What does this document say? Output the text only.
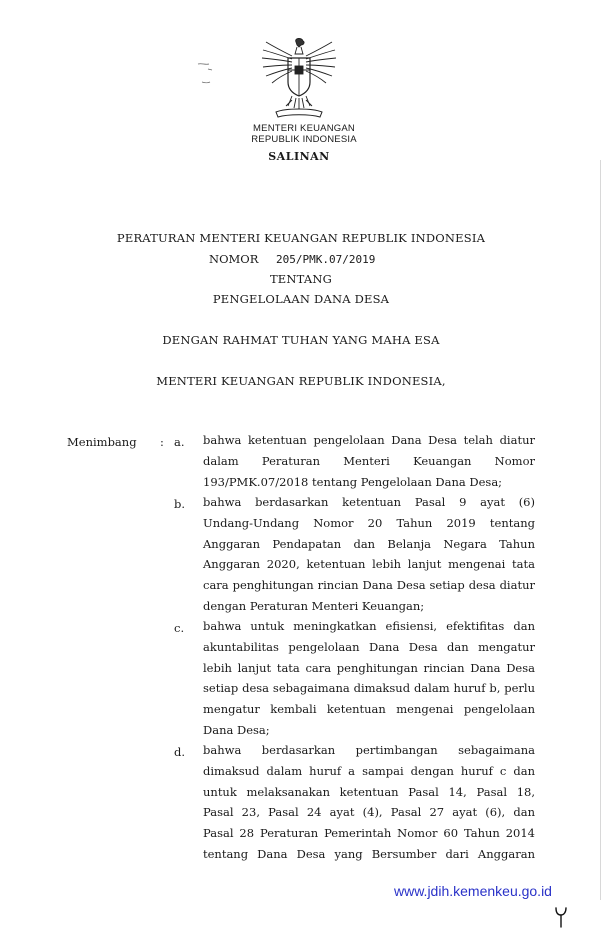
MENTERI KEUANGAN
REPUBLIK INDONESIA
SALINAN
PERATURAN MENTERI KEUANGAN REPUBLIK INDONESIA
NOMOR 205/PMK.07/2019
TENTANG
PENGELOLAAN DANA DESA
DENGAN RAHMAT TUHAN YANG MAHA ESA
MENTERI KEUANGAN REPUBLIK INDONESIA,
Menimbang : a. bahwa ketentuan pengelolaan Dana Desa telah diatur
dalam Peraturan Menteri Keuangan Nomor
193/PMK.07/2018 tentang Pengelolaan Dana Desa;
b. bahwa berdasarkan ketentuan Pasal 9 ayat (6)
Undang-Undang Nomor 20 Tahun 2019 tentang
Anggaran Pendapatan dan Belanja Negara Tahun
Anggaran 2020, ketentuan lebih lanjut mengenai tata
cara penghitungan rincian Dana Desa setiap desa diatur
dengan Peraturan Menteri Keuangan;
c. bahwa untuk meningkatkan efisiensi, efektifitas dan
akuntabilitas pengelolaan Dana Desa dan mengatur
lebih lanjut tata cara penghitungan rincian Dana Desa
setiap desa sebagaimana dimaksud dalam huruf b, perlu
mengatur kembali ketentuan mengenai pengelolaan
Dana Desa;
d. bahwa berdasarkan pertimbangan sebagaimana
dimaksud dalam huruf a sampai dengan huruf c dan
untuk melaksanakan ketentuan Pasal 14, Pasal 18,
Pasal 23, Pasal 24 ayat (4), Pasal 27 ayat (6), dan
Pasal 28 Peraturan Pemerintah Nomor 60 Tahun 2014
tentang Dana Desa yang Bersumber dari Anggaran
www.jdih.kemenkeu.go.id
